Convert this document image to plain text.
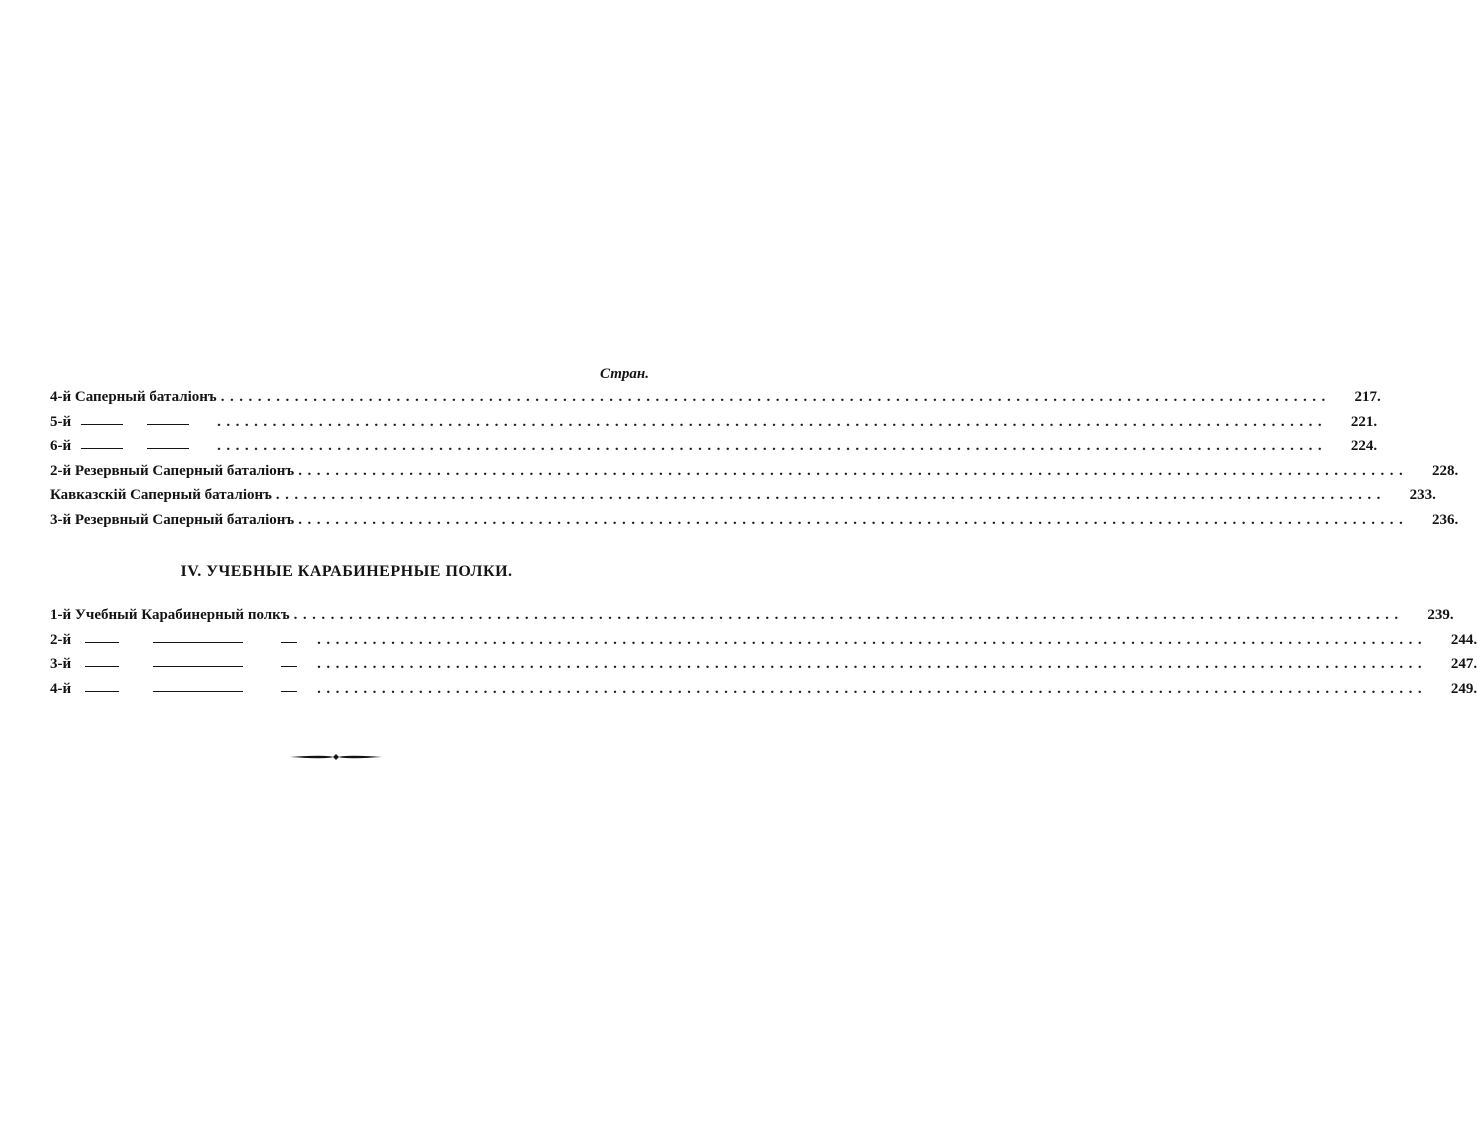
Стран.
4-й Саперный баталіонъ ........................................................................................................................	217.
5-й	........................................................................................................................	221.
6-й	........................................................................................................................	224.
2-й Резервный Саперный баталіонъ ........................................................................................................................	228.
Кавказскій Саперный баталіонъ ........................................................................................................................	233.
3-й Резервный Саперный баталіонъ ........................................................................................................................	236.
IV. УЧЕБНЫЕ КАРАБИНЕРНЫЕ ПОЛКИ.
1-й Учебный Карабинерный полкъ ........................................................................................................................	239.
2-й	........................................................................................................................	244.
3-й	........................................................................................................................	247.
4-й	........................................................................................................................	249.
